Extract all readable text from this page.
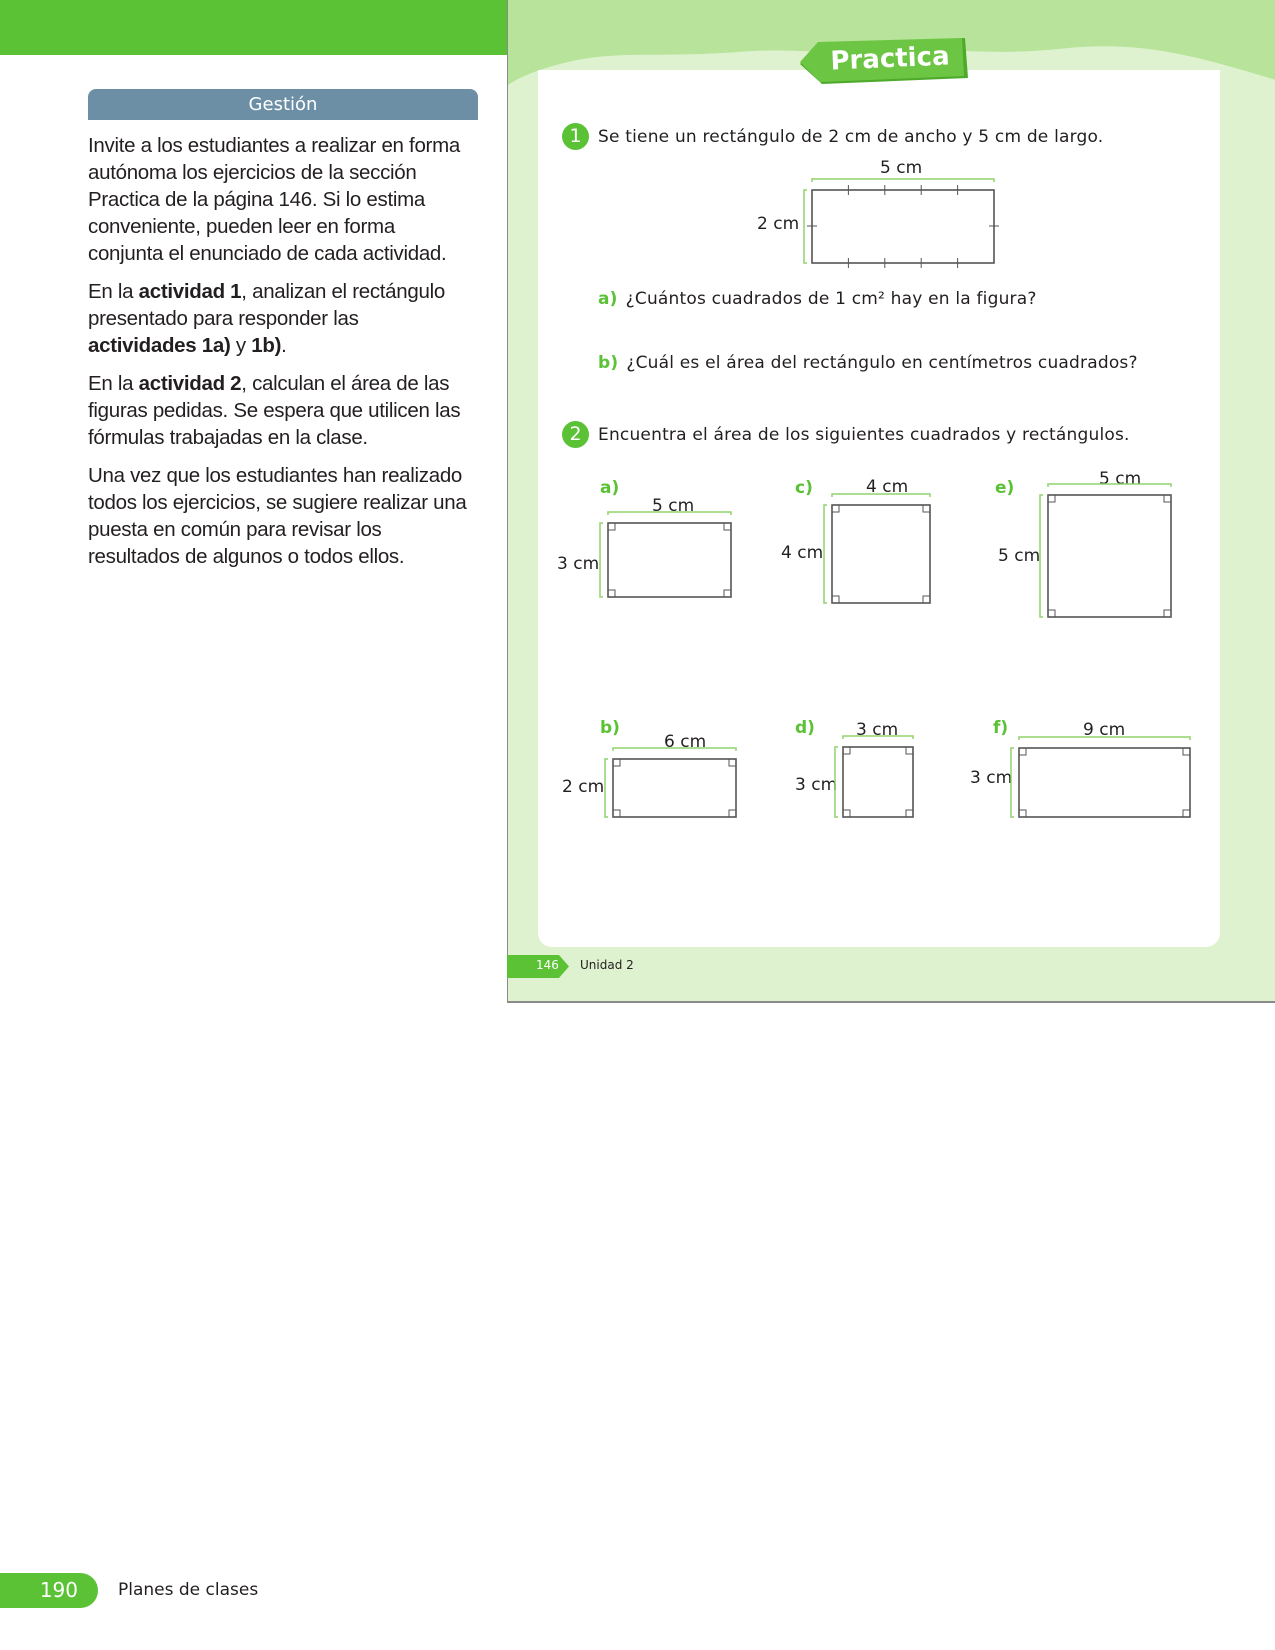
Gestión

Invite a los estudiantes a realizar en forma autónoma los ejercicios de la sección Practica de la página 146. Si lo estima conveniente, pueden leer en forma conjunta el enunciado de cada actividad.

En la actividad 1, analizan el rectángulo presentado para responder las actividades 1a) y 1b).

En la actividad 2, calculan el área de las figuras pedidas. Se espera que utilicen las fórmulas trabajadas en la clase.

Una vez que los estudiantes han realizado todos los ejercicios, se sugiere realizar una puesta en común para revisar los resultados de algunos o todos ellos.

190	Planes de clases
Practica
1 Se tiene un rectángulo de 2 cm de ancho y 5 cm de largo.
5 cm
2 cm
a) ¿Cuántos cuadrados de 1 cm² hay en la figura?
b) ¿Cuál es el área del rectángulo en centímetros cuadrados?
2 Encuentra el área de los siguientes cuadrados y rectángulos.
a)
5 cm
3 cm
c)	4 cm
4 cm
e)	5 cm
5 cm
b)
6 cm
2 cm
d) 3 cm
3 cm
f)	9 cm
3 cm
146 Unidad 2
